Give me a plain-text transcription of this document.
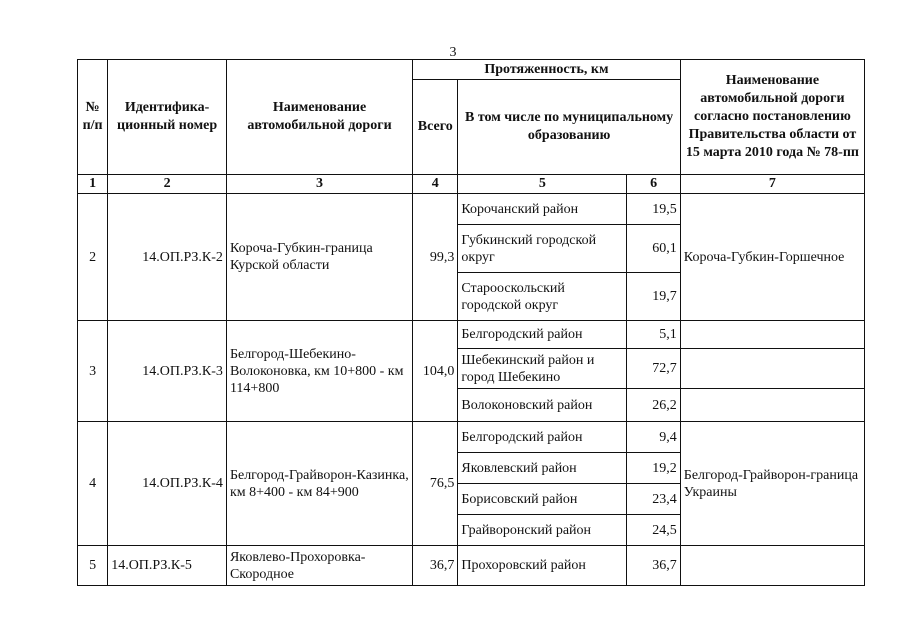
3
№ п/п	Идентифика-ционный номер	Наименование автомобильной дороги	Протяженность, км			Наименование автомобильной дороги согласно постановлению Правительства области от 15 марта 2010 года № 78-пп
			Всего	В том числе по муниципальному образованию		
1	2	3	4	5	6	7
2	14.ОП.РЗ.К-2	Короча-Губкин-граница Курской области	99,3	Корочанский район	19,5	Короча-Губкин-Горшечное
				Губкинский городской округ	60,1	
				Старооскольский городской округ	19,7	
3	14.ОП.РЗ.К-3	Белгород-Шебекино-Волоконовка, км 10+800 - км 114+800	104,0	Белгородский район	5,1	
				Шебекинский район и город Шебекино	72,7	
				Волоконовский район	26,2	
4	14.ОП.РЗ.К-4	Белгород-Грайворон-Казинка, км 8+400 - км 84+900	76,5	Белгородский район	9,4	Белгород-Грайворон-граница Украины
				Яковлевский район	19,2	
				Борисовский район	23,4	
				Грайворонский район	24,5	
5	14.ОП.РЗ.К-5	Яковлево-Прохоровка-Скородное	36,7	Прохоровский район	36,7	
